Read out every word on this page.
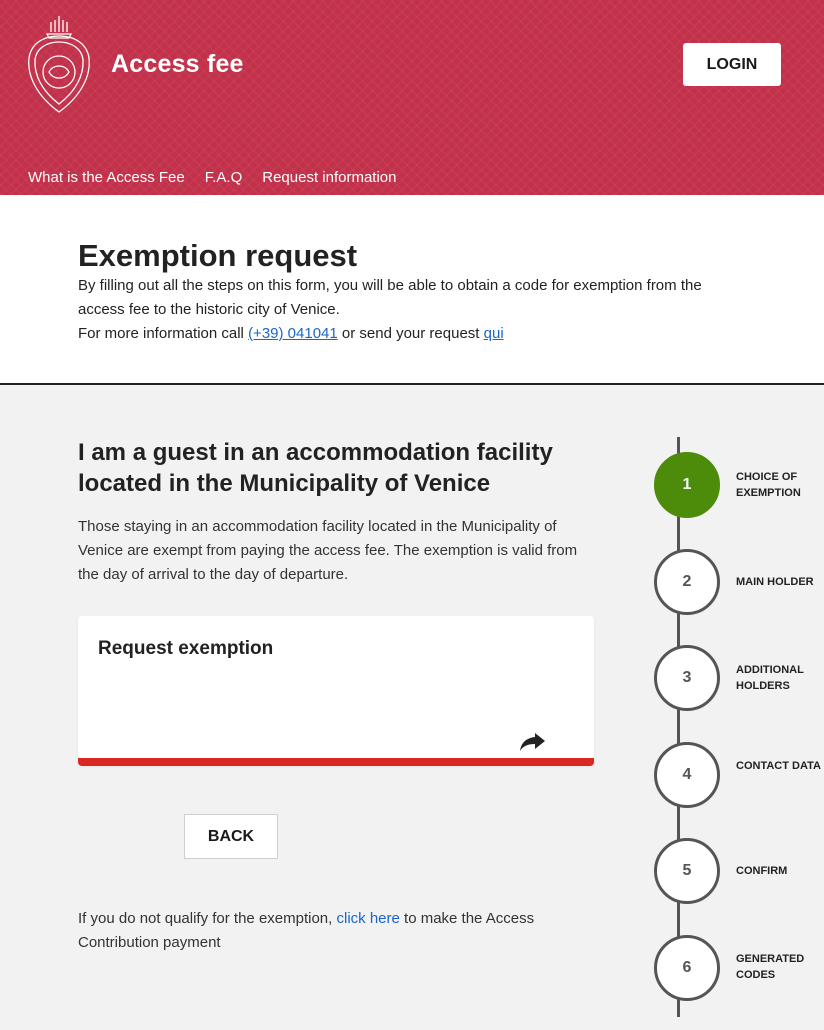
Access fee	LOGIN
What is the Access Fee F.A.Q Request information
Exemption request

By filling out all the steps on this form, you will be able to obtain a code for exemption from the access fee to the historic city of Venice.

For more information call (+39) 041041 or send your request qui

I am a guest in an accommodation facility located in the Municipality of Venice
Those staying in an accommodation facility located in the Municipality of Venice are exempt from paying the access fee. The exemption is valid from the day of arrival to the day of departure.
Request exemption
BACK
If you do not qualify for the exemption, click here to make the Access Contribution payment
1	CHOICE OF EXEMPTION
2	MAIN HOLDER
3	ADDITIONAL HOLDERS
4	CONTACT DATA
5	CONFIRM
6	GENERATED CODES
